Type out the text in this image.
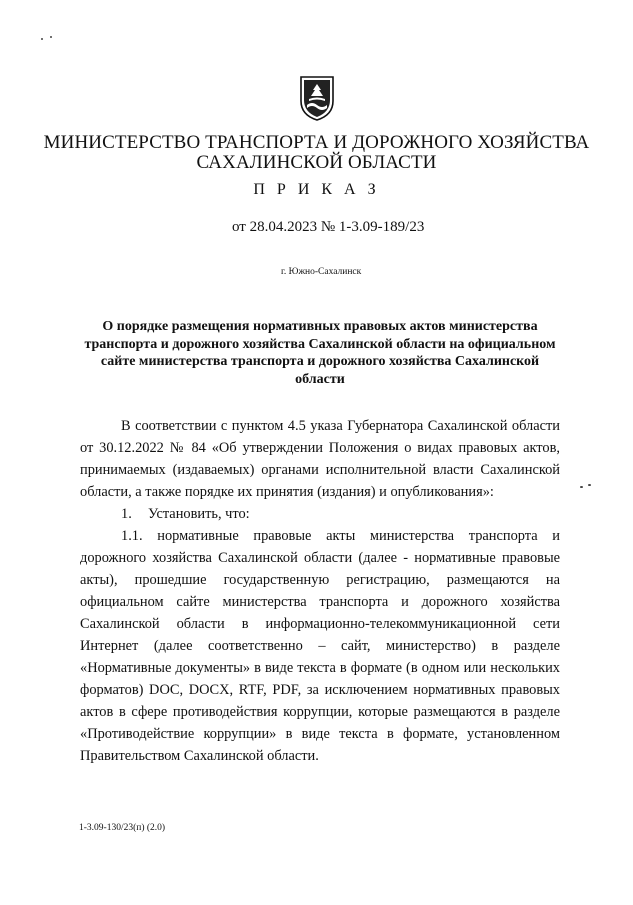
МИНИСТЕРСТВО ТРАНСПОРТА И ДОРОЖНОГО ХОЗЯЙСТВА
САХАЛИНСКОЙ ОБЛАСТИ
П Р И К А З
от 28.04.2023 № 1-3.09-189/23
г. Южно-Сахалинск
О порядке размещения нормативных правовых актов министерства транспорта и дорожного хозяйства Сахалинской области на официальном сайте министерства транспорта и дорожного хозяйства Сахалинской области

В соответствии с пунктом 4.5 указа Губернатора Сахалинской области от 30.12.2022 № 84 «Об утверждении Положения о видах правовых актов, принимаемых (издаваемых) органами исполнительной власти Сахалинской области, а также порядке их принятия (издания) и опубликования»:

1. Установить, что:

1.1. нормативные правовые акты министерства транспорта и дорожного хозяйства Сахалинской области (далее - нормативные правовые акты), прошедшие государственную регистрацию, размещаются на официальном сайте министерства транспорта и дорожного хозяйства Сахалинской области в информационно-телекоммуникационной сети Интернет (далее соответственно – сайт, министерство) в разделе «Нормативные документы» в виде текста в формате (в одном или нескольких форматов) DOC, DOCX, RTF, PDF, за исключением нормативных правовых актов в сфере противодействия коррупции, которые размещаются в разделе «Противодействие коррупции» в виде текста в формате, установленном Правительством Сахалинской области.

1-3.09-130/23(п) (2.0)
